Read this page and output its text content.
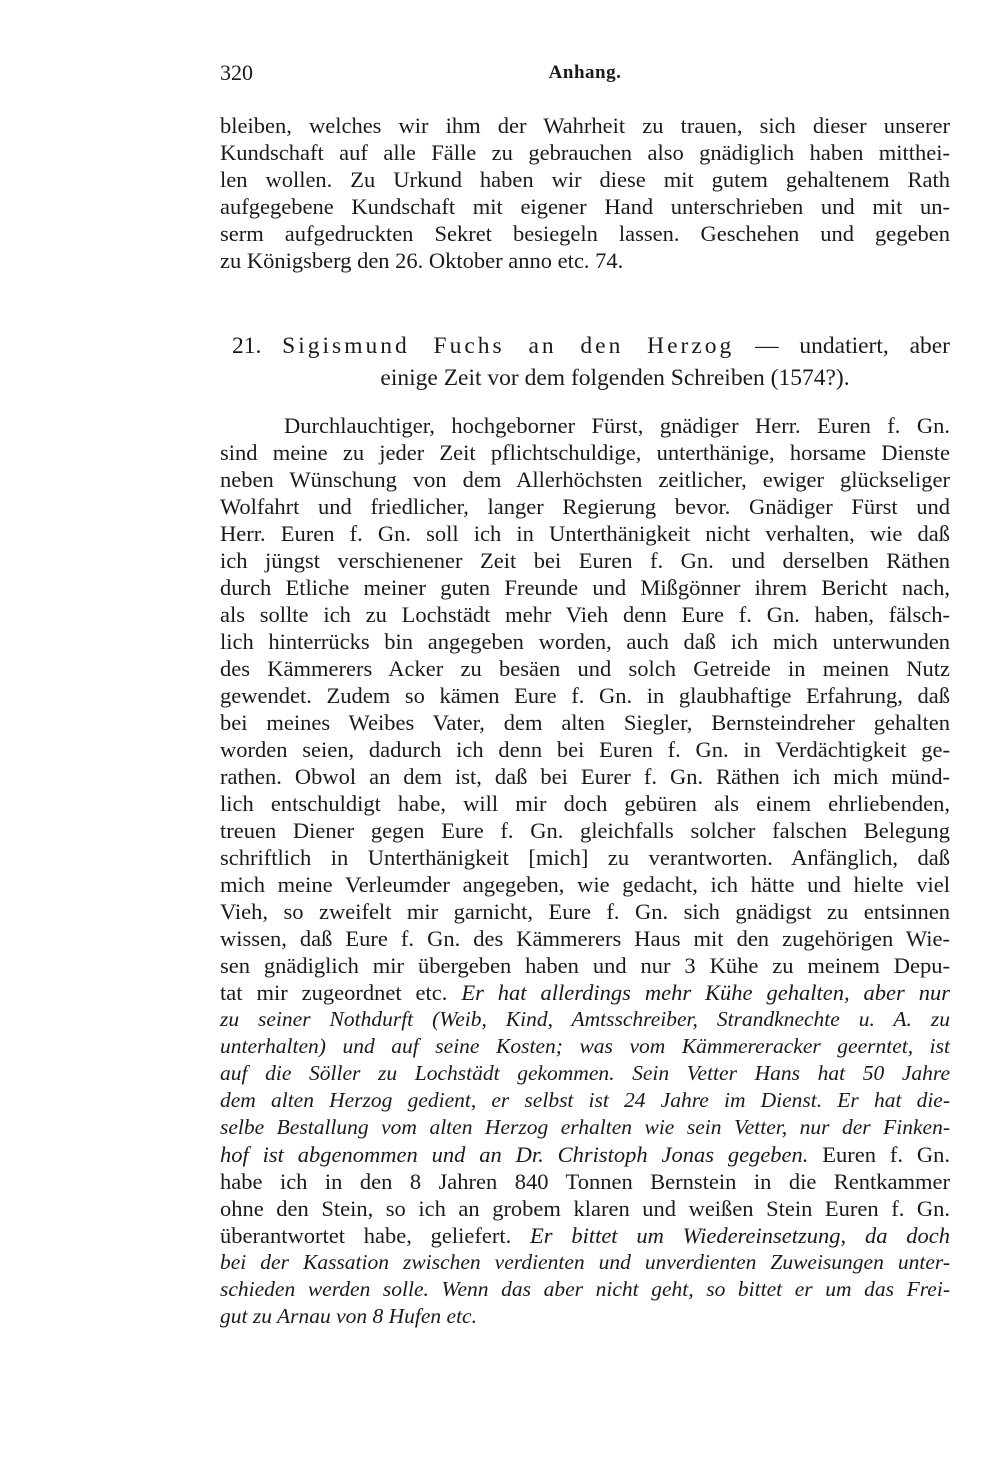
320	Anhang.
bleiben, welches wir ihm der Wahrheit zu trauen, sich dieser unserer
Kundschaft auf alle Fälle zu gebrauchen also gnädiglich haben mitthei-
len wollen. Zu Urkund haben wir diese mit gutem gehaltenem Rath
aufgegebene Kundschaft mit eigener Hand unterschrieben und mit un-
serm aufgedruckten Sekret besiegeln lassen. Geschehen und gegeben
zu Königsberg den 26. Oktober anno etc. 74.
21. Sigismund Fuchs an den Herzog — undatiert, aber
einige Zeit vor dem folgenden Schreiben (1574?).
Durchlauchtiger, hochgeborner Fürst, gnädiger Herr. Euren f. Gn.
sind meine zu jeder Zeit pflichtschuldige, unterthänige, horsame Dienste
neben Wünschung von dem Allerhöchsten zeitlicher, ewiger glückseliger
Wolfahrt und friedlicher, langer Regierung bevor. Gnädiger Fürst und
Herr. Euren f. Gn. soll ich in Unterthänigkeit nicht verhalten, wie daß
ich jüngst verschienener Zeit bei Euren f. Gn. und derselben Räthen
durch Etliche meiner guten Freunde und Mißgönner ihrem Bericht nach,
als sollte ich zu Lochstädt mehr Vieh denn Eure f. Gn. haben, fälsch-
lich hinterrücks bin angegeben worden, auch daß ich mich unterwunden
des Kämmerers Acker zu besäen und solch Getreide in meinen Nutz
gewendet. Zudem so kämen Eure f. Gn. in glaubhaftige Erfahrung, daß
bei meines Weibes Vater, dem alten Siegler, Bernsteindreher gehalten
worden seien, dadurch ich denn bei Euren f. Gn. in Verdächtigkeit ge-
rathen. Obwol an dem ist, daß bei Eurer f. Gn. Räthen ich mich münd-
lich entschuldigt habe, will mir doch gebüren als einem ehrliebenden,
treuen Diener gegen Eure f. Gn. gleichfalls solcher falschen Belegung
schriftlich in Unterthänigkeit [mich] zu verantworten. Anfänglich, daß
mich meine Verleumder angegeben, wie gedacht, ich hätte und hielte viel
Vieh, so zweifelt mir garnicht, Eure f. Gn. sich gnädigst zu entsinnen
wissen, daß Eure f. Gn. des Kämmerers Haus mit den zugehörigen Wie-
sen gnädiglich mir übergeben haben und nur 3 Kühe zu meinem Depu-
tat mir zugeordnet etc. Er hat allerdings mehr Kühe gehalten, aber nur
zu seiner Nothdurft (Weib, Kind, Amtsschreiber, Strandknechte u. A. zu
unterhalten) und auf seine Kosten; was vom Kämmereracker geerntet, ist
auf die Söller zu Lochstädt gekommen. Sein Vetter Hans hat 50 Jahre
dem alten Herzog gedient, er selbst ist 24 Jahre im Dienst. Er hat die-
selbe Bestallung vom alten Herzog erhalten wie sein Vetter, nur der Finken-
hof ist abgenommen und an Dr. Christoph Jonas gegeben. Euren f. Gn.
habe ich in den 8 Jahren 840 Tonnen Bernstein in die Rentkammer
ohne den Stein, so ich an grobem klaren und weißen Stein Euren f. Gn.
überantwortet habe, geliefert. Er bittet um Wiedereinsetzung, da doch
bei der Kassation zwischen verdienten und unverdienten Zuweisungen unter-
schieden werden solle. Wenn das aber nicht geht, so bittet er um das Frei-
gut zu Arnau von 8 Hufen etc.
